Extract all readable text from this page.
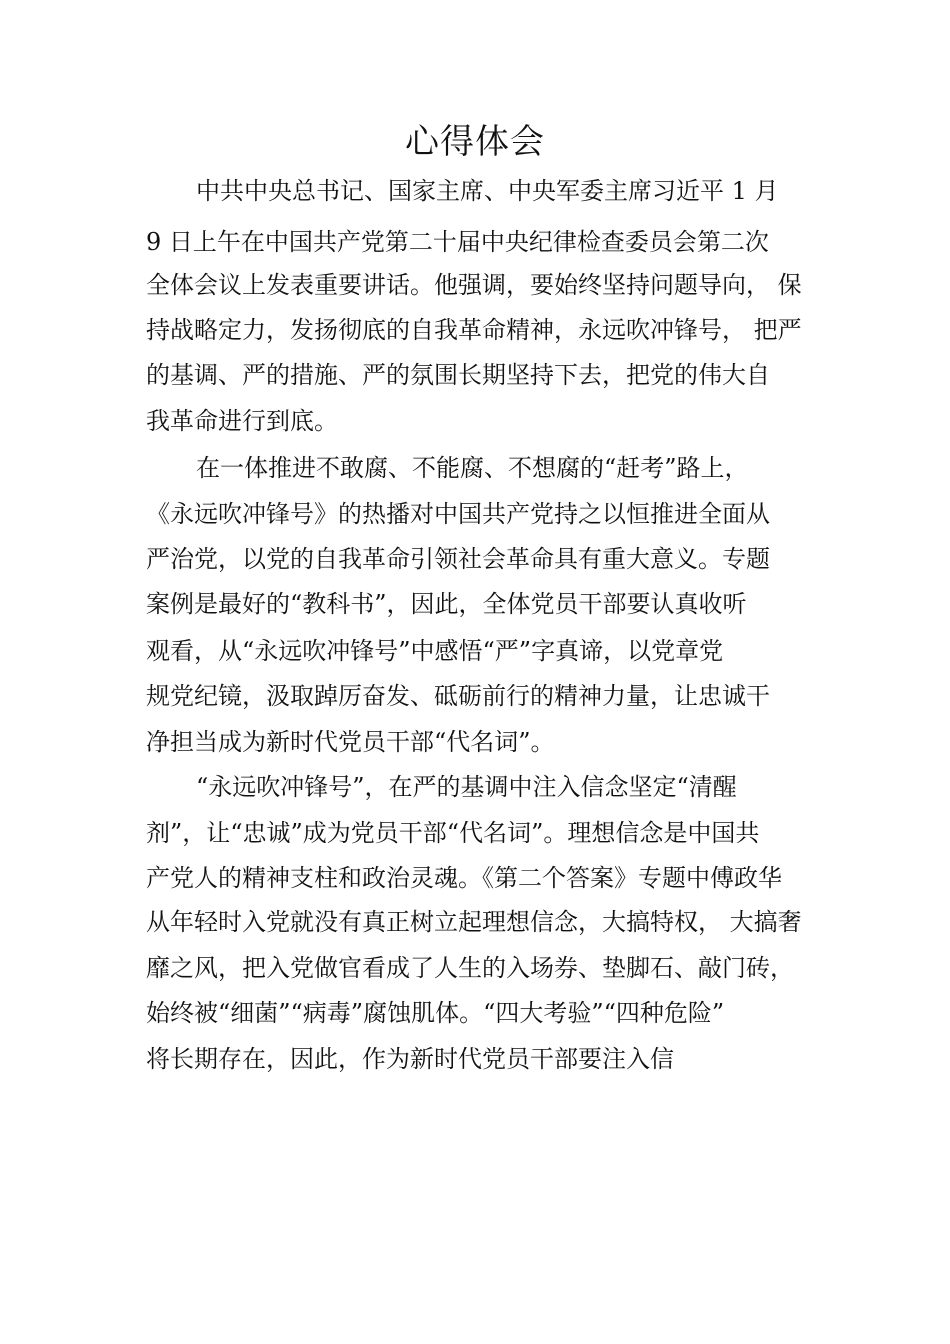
心得体会
中共中央总书记、国家主席、中央军委主席习近平 1 月
9 日上午在中国共产党第二十届中央纪律检查委员会第二次
全体会议上发表重要讲话。他强调，要始终坚持问题导向， 保
持战略定力，发扬彻底的自我革命精神，永远吹冲锋号， 把严
的基调、严的措施、严的氛围长期坚持下去，把党的伟大自
我革命进行到底。
在一体推进不敢腐、不能腐、不想腐的“赶考”路上，
《永远吹冲锋号》的热播对中国共产党持之以恒推进全面从
严治党，以党的自我革命引领社会革命具有重大意义。专题
案例是最好的“教科书”，因此，全体党员干部要认真收听
观看，从“永远吹冲锋号”中感悟“严”字真谛，以党章党
规党纪镜，汲取踔厉奋发、砥砺前行的精神力量，让忠诚干
净担当成为新时代党员干部“代名词”。
“永远吹冲锋号”，在严的基调中注入信念坚定“清醒
剂”，让“忠诚”成为党员干部“代名词”。理想信念是中国共
产党人的精神支柱和政治灵魂。《第二个答案》专题中傅政华
从年轻时入党就没有真正树立起理想信念，大搞特权， 大搞奢
靡之风，把入党做官看成了人生的入场券、垫脚石、敲门砖，
始终被“细菌”“病毒”腐蚀肌体。“四大考验”“四种危险”
将长期存在，因此，作为新时代党员干部要注入信
